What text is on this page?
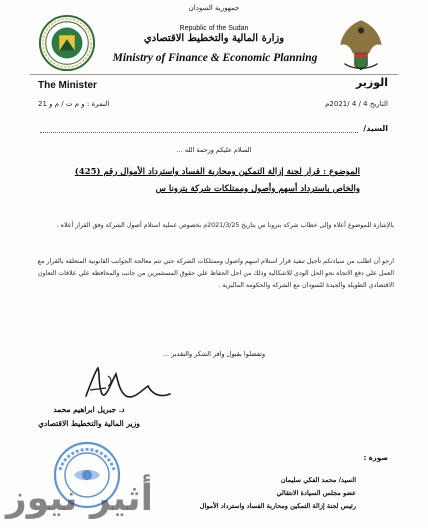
جمهورية السودان
Republic of the Sudan
وزارة المالية والتخطيط الاقتصادي
Ministry of Finance & Economic Planning
The Minister	الوزير
النمرة : و م ت / م و 21	التاريخ 4 / 4 /2021م
السيد/
السلام عليكم ورحمة الله ...
الموضوع : قرار لجنة إزالة التمكين ومحاربة الفساد واسترداد الأموال رقم (425)
والخاص باسترداد أسهم وأصول وممتلكات شركة بترونا س
بالإشارة للموضوع أعلاه وإلى خطاب شركة بترونا س بتاريخ 2021/3/25م بخصوص عملية استلام أصول الشركة وفق القرار أعلاه .
ارجو أن اطلب من سيادتكم تأجيل تنفيذ قرار استلام اسهم واصول وممتلكات الشركة حتي تتم معالجة الجوانب القانونية المتعلقة بالقرار مع العمل علي دفع الاتجاه نحو الحل الودي للاشكالية وذلك من اجل الحفاظ علي حقوق المستثمرين من جانب والمحافظة علي علاقات التعاون الاقتصادي الطويلة والجيدة للسودان مع الشركة والحكومة الماليزية .
وتفضلوا بقبول وافر الشكر والتقدير ...
د. جبريل ابراهيم محمد
وزير المالية والتخطيط الاقتصادي
صورة :
السيد/ محمد الفكي سليمان
عضو مجلس السيادة الانتقالي
رئيس لجنة إزالة التمكين ومحاربة الفساد واسترداد الأموال
أثير نيوز
